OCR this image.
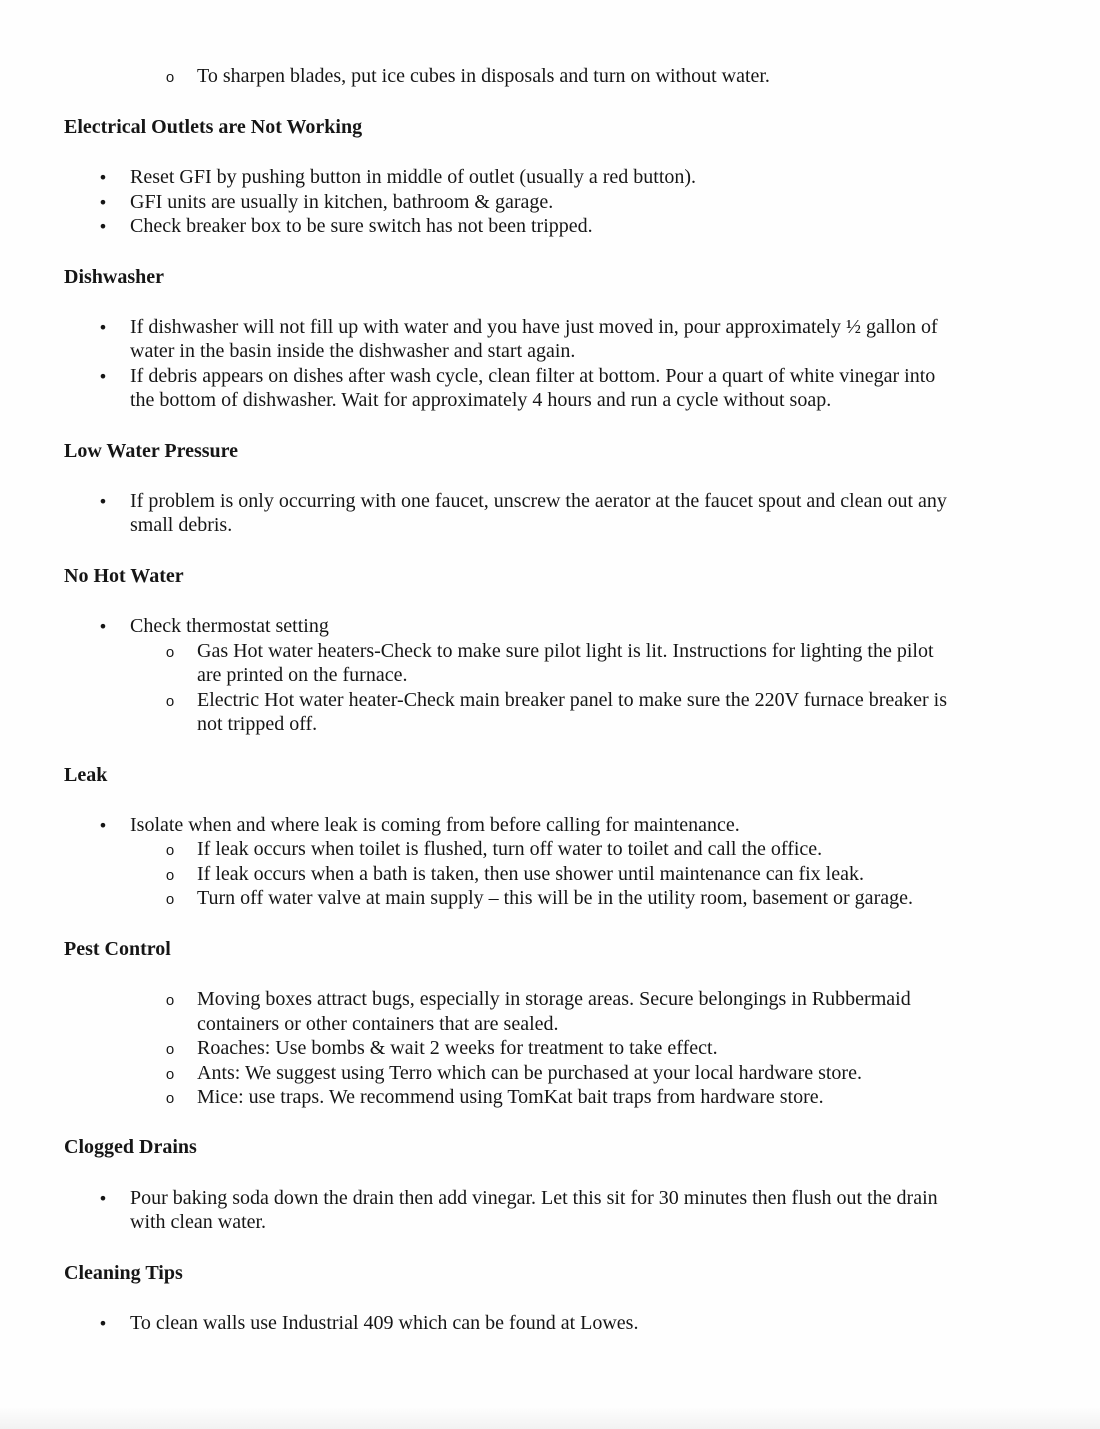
o
To sharpen blades, put ice cubes in disposals and turn on without water.
Electrical Outlets are Not Working
•
Reset GFI by pushing button in middle of outlet (usually a red button).
•
GFI units are usually in kitchen, bathroom & garage.
•
Check breaker box to be sure switch has not been tripped.
Dishwasher
•
If dishwasher will not fill up with water and you have just moved in, pour approximately ½ gallon of
water in the basin inside the dishwasher and start again.
•
If debris appears on dishes after wash cycle, clean filter at bottom. Pour a quart of white vinegar into
the bottom of dishwasher. Wait for approximately 4 hours and run a cycle without soap.
Low Water Pressure
•
If problem is only occurring with one faucet, unscrew the aerator at the faucet spout and clean out any
small debris.
No Hot Water
•
Check thermostat setting
o
Gas Hot water heaters-Check to make sure pilot light is lit. Instructions for lighting the pilot
are printed on the furnace.
o
Electric Hot water heater-Check main breaker panel to make sure the 220V furnace breaker is
not tripped off.
Leak
•
Isolate when and where leak is coming from before calling for maintenance.
o
If leak occurs when toilet is flushed, turn off water to toilet and call the office.
o
If leak occurs when a bath is taken, then use shower until maintenance can fix leak.
o
Turn off water valve at main supply – this will be in the utility room, basement or garage.
Pest Control
o
Moving boxes attract bugs, especially in storage areas. Secure belongings in Rubbermaid
containers or other containers that are sealed.
o
Roaches: Use bombs & wait 2 weeks for treatment to take effect.
o
Ants: We suggest using Terro which can be purchased at your local hardware store.
o
Mice: use traps. We recommend using TomKat bait traps from hardware store.
Clogged Drains
•
Pour baking soda down the drain then add vinegar. Let this sit for 30 minutes then flush out the drain
with clean water.
Cleaning Tips
•
To clean walls use Industrial 409 which can be found at Lowes.
